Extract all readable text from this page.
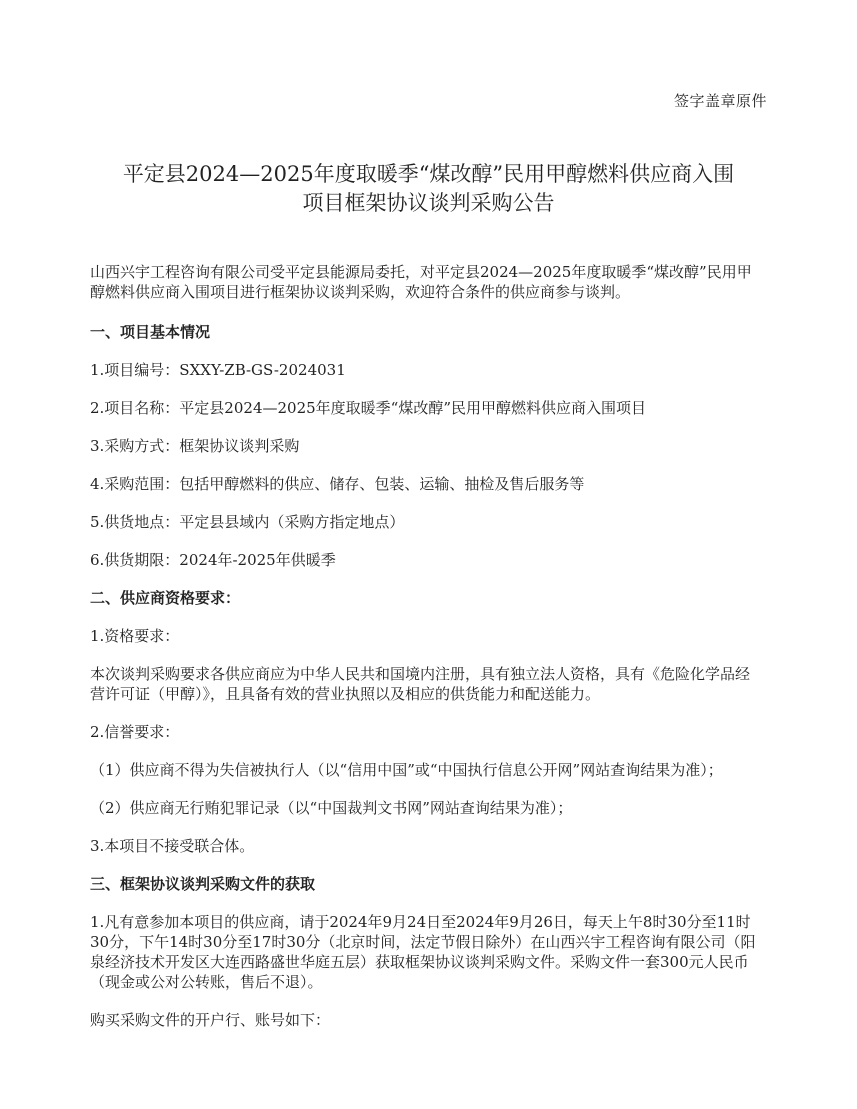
签字盖章原件
平定县2024—2025年度取暖季“煤改醇”民用甲醇燃料供应商入围
项目框架协议谈判采购公告

山西兴宇工程咨询有限公司受平定县能源局委托，对平定县2024—2025年度取暖季“煤改醇”民用甲醇燃料供应商入围项目进行框架协议谈判采购，欢迎符合条件的供应商参与谈判。

一、项目基本情况

1.项目编号：SXXY-ZB-GS-2024031

2.项目名称：平定县2024—2025年度取暖季“煤改醇”民用甲醇燃料供应商入围项目

3.采购方式：框架协议谈判采购

4.采购范围：包括甲醇燃料的供应、储存、包装、运输、抽检及售后服务等

5.供货地点：平定县县域内（采购方指定地点）

6.供货期限：2024年-2025年供暖季

二、供应商资格要求：

1.资格要求：

本次谈判采购要求各供应商应为中华人民共和国境内注册，具有独立法人资格，具有《危险化学品经营许可证（甲醇）》，且具备有效的营业执照以及相应的供货能力和配送能力。

2.信誉要求：

（1）供应商不得为失信被执行人（以“信用中国”或“中国执行信息公开网”网站查询结果为准）；

（2）供应商无行贿犯罪记录（以“中国裁判文书网”网站查询结果为准）；

3.本项目不接受联合体。

三、框架协议谈判采购文件的获取

1.凡有意参加本项目的供应商，请于2024年9月24日至2024年9月26日，每天上午8时30分至11时30分，下午14时30分至17时30分（北京时间，法定节假日除外）在山西兴宇工程咨询有限公司（阳泉经济技术开发区大连西路盛世华庭五层）获取框架协议谈判采购文件。采购文件一套300元人民币（现金或公对公转账，售后不退）。

购买采购文件的开户行、账号如下：
